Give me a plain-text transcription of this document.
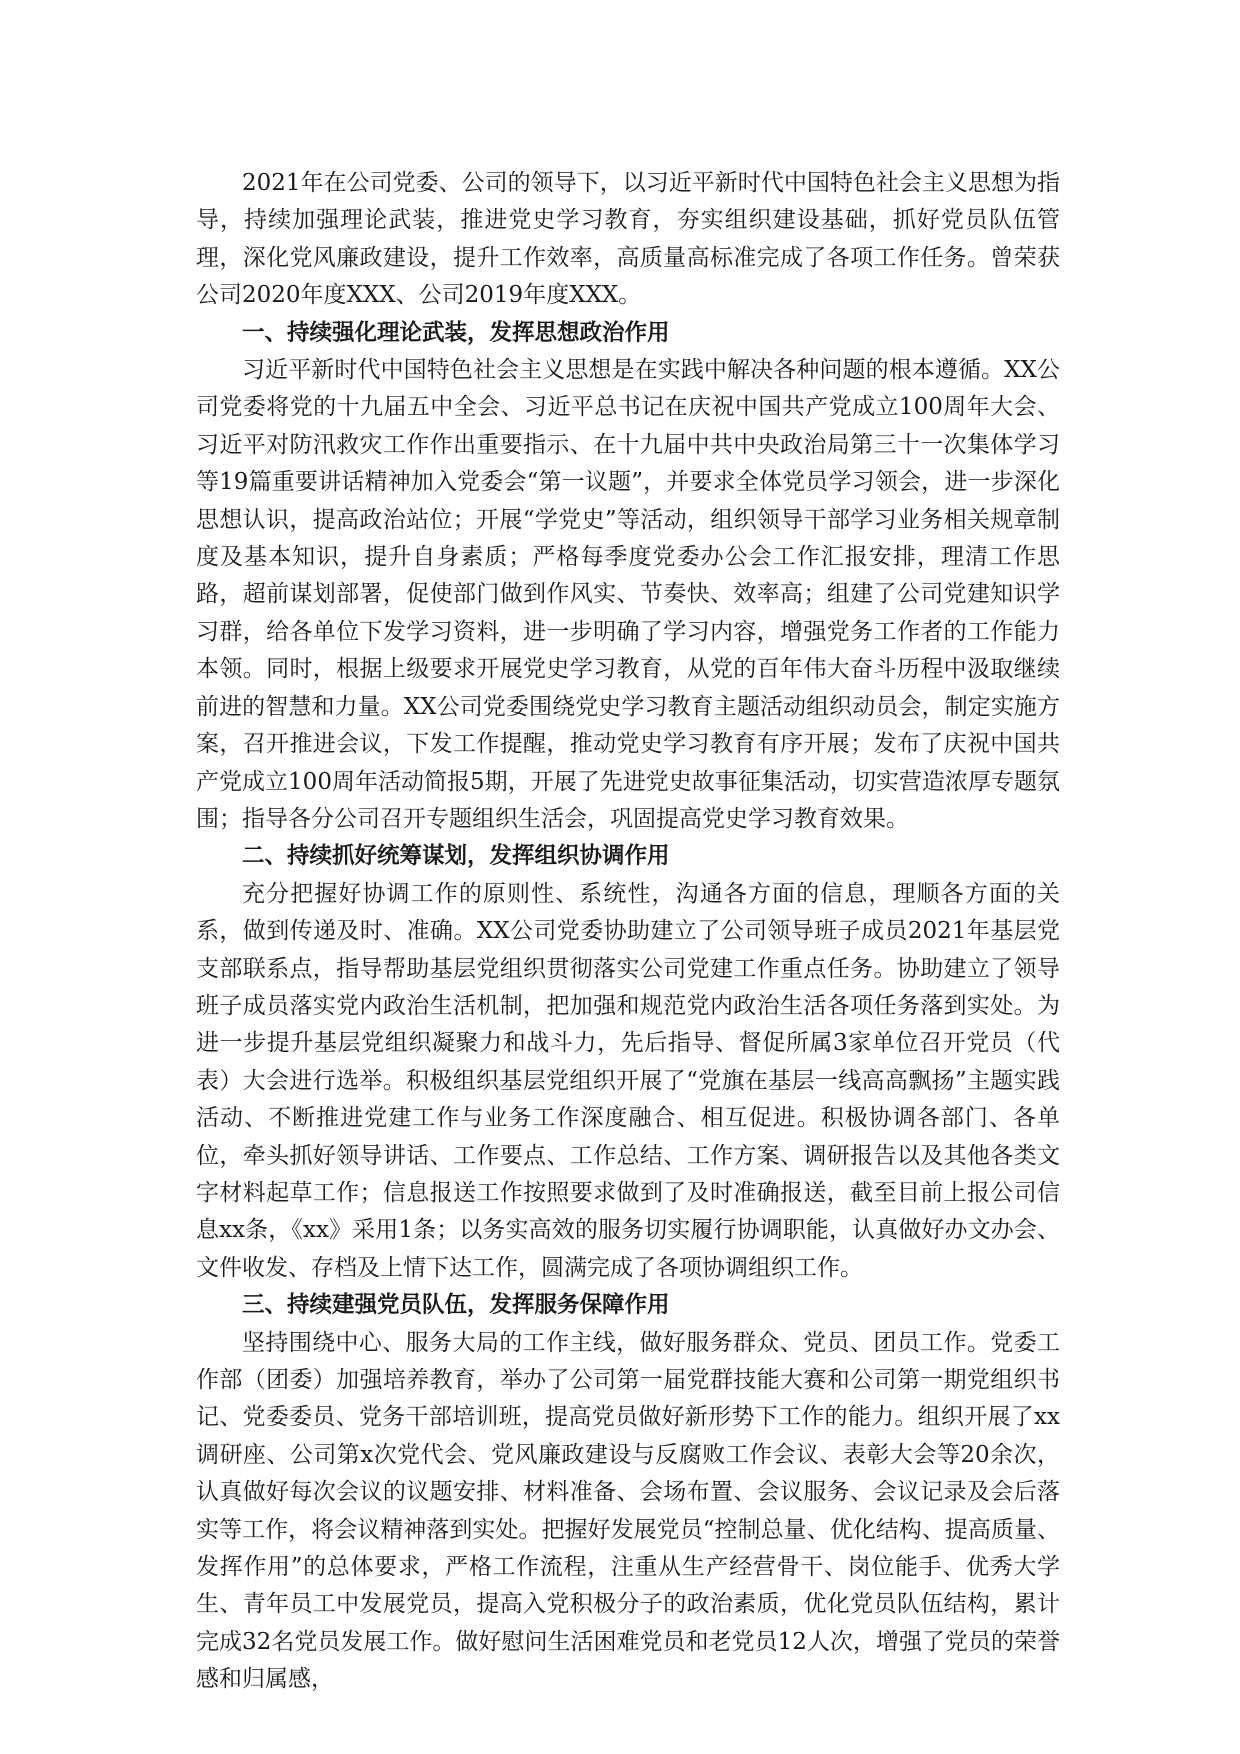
2021年在公司党委、公司的领导下，以习近平新时代中国特色社会主义思想为指导，持续加强理论武装，推进党史学习教育，夯实组织建设基础，抓好党员队伍管理，深化党风廉政建设，提升工作效率，高质量高标准完成了各项工作任务。曾荣获公司2020年度XXX、公司2019年度XXX。

一、持续强化理论武装，发挥思想政治作用

习近平新时代中国特色社会主义思想是在实践中解决各种问题的根本遵循。XX公司党委将党的十九届五中全会、习近平总书记在庆祝中国共产党成立100周年大会、习近平对防汛救灾工作作出重要指示、在十九届中共中央政治局第三十一次集体学习等19篇重要讲话精神加入党委会“第一议题”，并要求全体党员学习领会，进一步深化思想认识，提高政治站位；开展“学党史”等活动，组织领导干部学习业务相关规章制度及基本知识，提升自身素质；严格每季度党委办公会工作汇报安排，理清工作思路，超前谋划部署，促使部门做到作风实、节奏快、效率高；组建了公司党建知识学习群，给各单位下发学习资料，进一步明确了学习内容，增强党务工作者的工作能力本领。同时，根据上级要求开展党史学习教育，从党的百年伟大奋斗历程中汲取继续前进的智慧和力量。XX公司党委围绕党史学习教育主题活动组织动员会，制定实施方案，召开推进会议，下发工作提醒，推动党史学习教育有序开展；发布了庆祝中国共产党成立100周年活动简报5期，开展了先进党史故事征集活动，切实营造浓厚专题氛围；指导各分公司召开专题组织生活会，巩固提高党史学习教育效果。

二、持续抓好统筹谋划，发挥组织协调作用

充分把握好协调工作的原则性、系统性，沟通各方面的信息，理顺各方面的关系，做到传递及时、准确。XX公司党委协助建立了公司领导班子成员2021年基层党支部联系点，指导帮助基层党组织贯彻落实公司党建工作重点任务。协助建立了领导班子成员落实党内政治生活机制，把加强和规范党内政治生活各项任务落到实处。为进一步提升基层党组织凝聚力和战斗力，先后指导、督促所属3家单位召开党员（代表）大会进行选举。积极组织基层党组织开展了“党旗在基层一线高高飘扬”主题实践活动、不断推进党建工作与业务工作深度融合、相互促进。积极协调各部门、各单位，牵头抓好领导讲话、工作要点、工作总结、工作方案、调研报告以及其他各类文字材料起草工作；信息报送工作按照要求做到了及时准确报送，截至目前上报公司信息xx条，《xx》采用1条；以务实高效的服务切实履行协调职能，认真做好办文办会、文件收发、存档及上情下达工作，圆满完成了各项协调组织工作。

三、持续建强党员队伍，发挥服务保障作用

坚持围绕中心、服务大局的工作主线，做好服务群众、党员、团员工作。党委工作部（团委）加强培养教育，举办了公司第一届党群技能大赛和公司第一期党组织书记、党委委员、党务干部培训班，提高党员做好新形势下工作的能力。组织开展了xx调研座、公司第x次党代会、党风廉政建设与反腐败工作会议、表彰大会等20余次，认真做好每次会议的议题安排、材料准备、会场布置、会议服务、会议记录及会后落实等工作，将会议精神落到实处。把握好发展党员“控制总量、优化结构、提高质量、发挥作用”的总体要求，严格工作流程，注重从生产经营骨干、岗位能手、优秀大学生、青年员工中发展党员，提高入党积极分子的政治素质，优化党员队伍结构，累计完成32名党员发展工作。做好慰问生活困难党员和老党员12人次，增强了党员的荣誉感和归属感，
